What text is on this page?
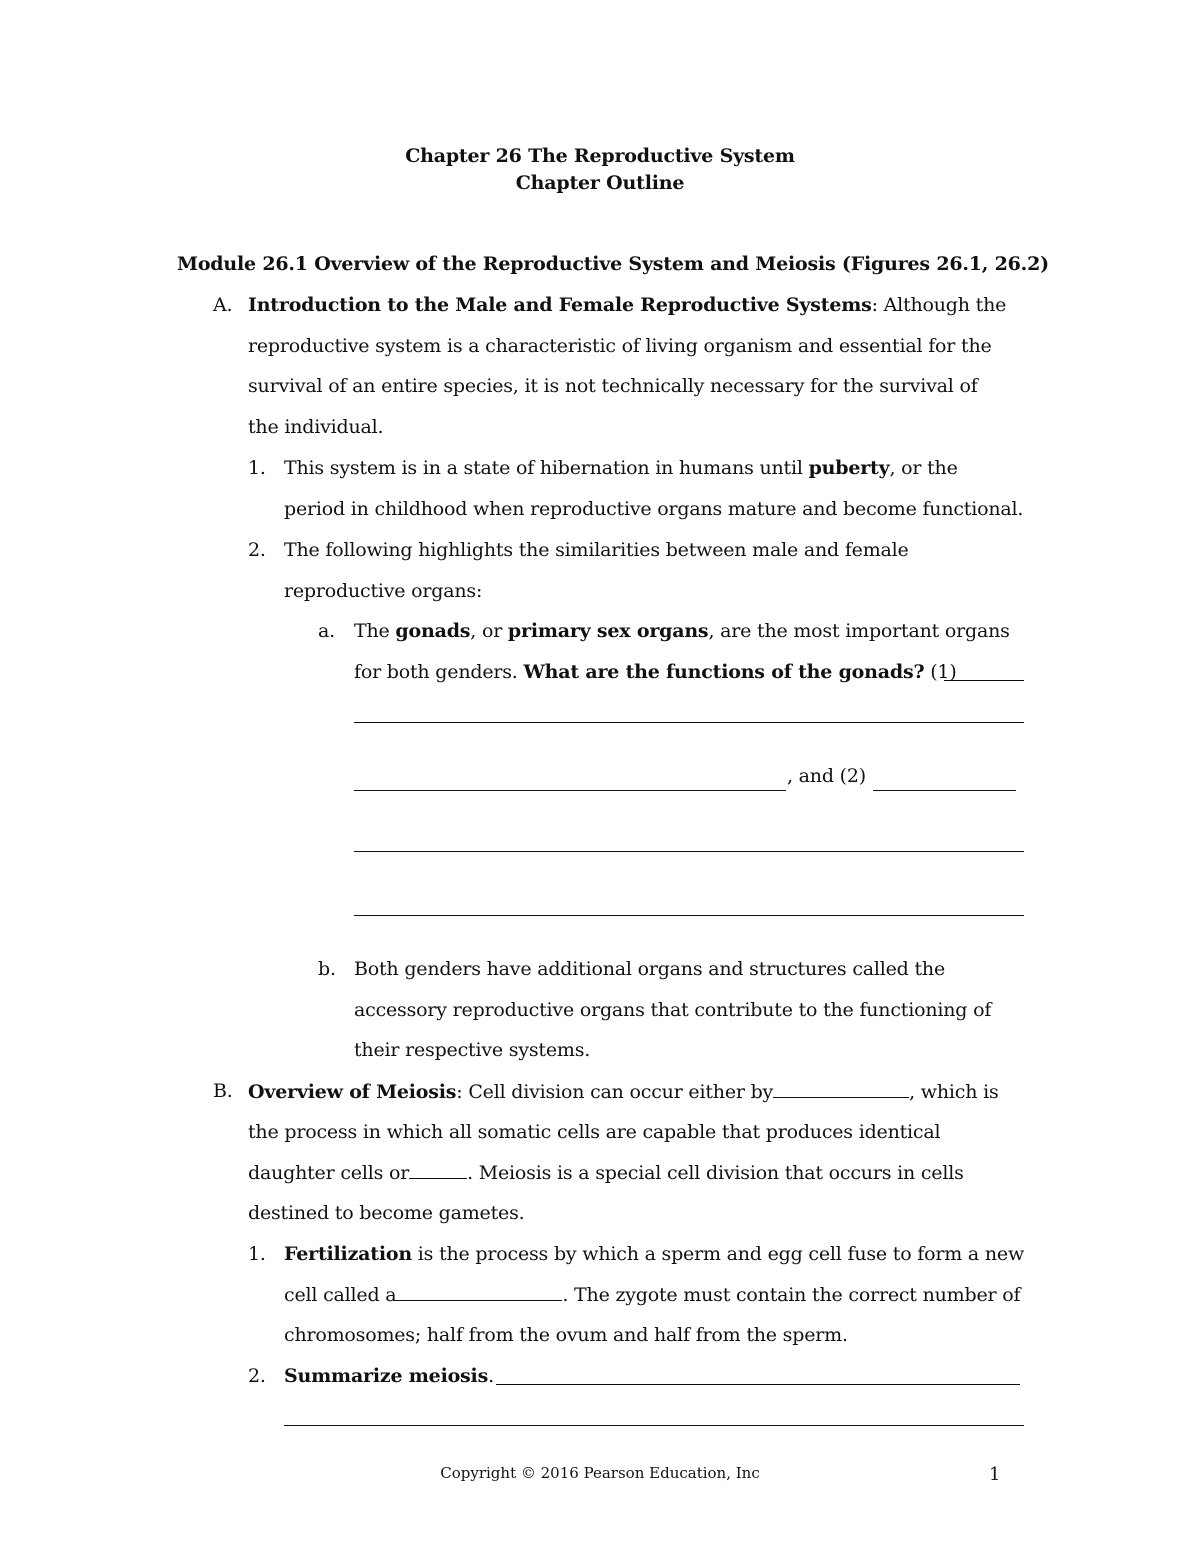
Chapter 26 The Reproductive System
Chapter Outline
Module 26.1 Overview of the Reproductive System and Meiosis (Figures 26.1, 26.2)
A. Introduction to the Male and Female Reproductive Systems: Although the
reproductive system is a characteristic of living organism and essential for the
survival of an entire species, it is not technically necessary for the survival of
the individual.
1. This system is in a state of hibernation in humans until puberty, or the
period in childhood when reproductive organs mature and become functional.
2. The following highlights the similarities between male and female
reproductive organs:
a. The gonads, or primary sex organs, are the most important organs
for both genders. What are the functions of the gonads? (1)
, and (2)
b. Both genders have additional organs and structures called the
accessory reproductive organs that contribute to the functioning of
their respective systems.
B. Overview of Meiosis: Cell division can occur either by	, which is
the process in which all somatic cells are capable that produces identical
daughter cells or	. Meiosis is a special cell division that occurs in cells
destined to become gametes.
1. Fertilization is the process by which a sperm and egg cell fuse to form a new
cell called a	. The zygote must contain the correct number of
chromosomes; half from the ovum and half from the sperm.
2. Summarize meiosis.
Copyright © 2016 Pearson Education, Inc	1
